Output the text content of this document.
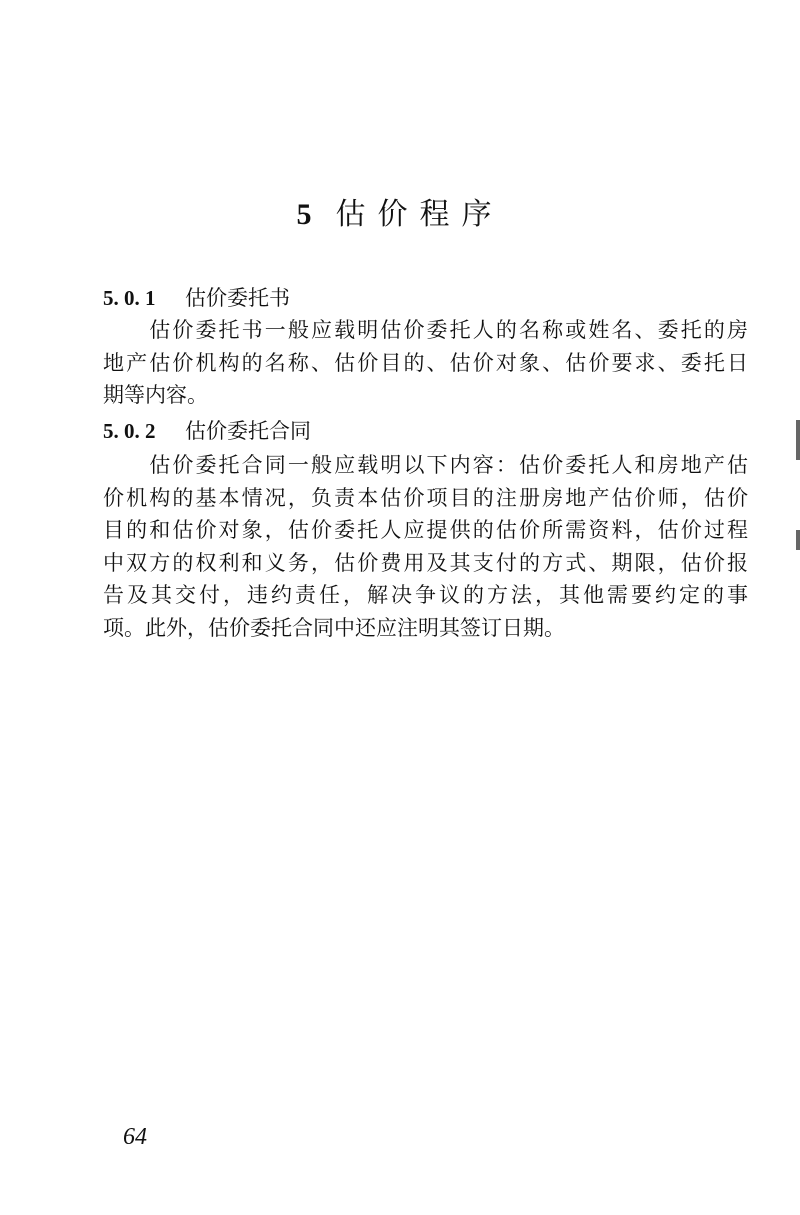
5 估价程序
5. 0. 1 估价委托书
　　估价委托书一般应载明估价委托人的名称或姓名、委托的房
地产估价机构的名称、估价目的、估价对象、估价要求、委托日
期等内容。
5. 0. 2 估价委托合同
　　估价委托合同一般应载明以下内容：估价委托人和房地产估
价机构的基本情况，负责本估价项目的注册房地产估价师，估价
目的和估价对象，估价委托人应提供的估价所需资料，估价过程
中双方的权利和义务，估价费用及其支付的方式、期限，估价报
告及其交付，违约责任，解决争议的方法，其他需要约定的事
项。此外，估价委托合同中还应注明其签订日期。
64
